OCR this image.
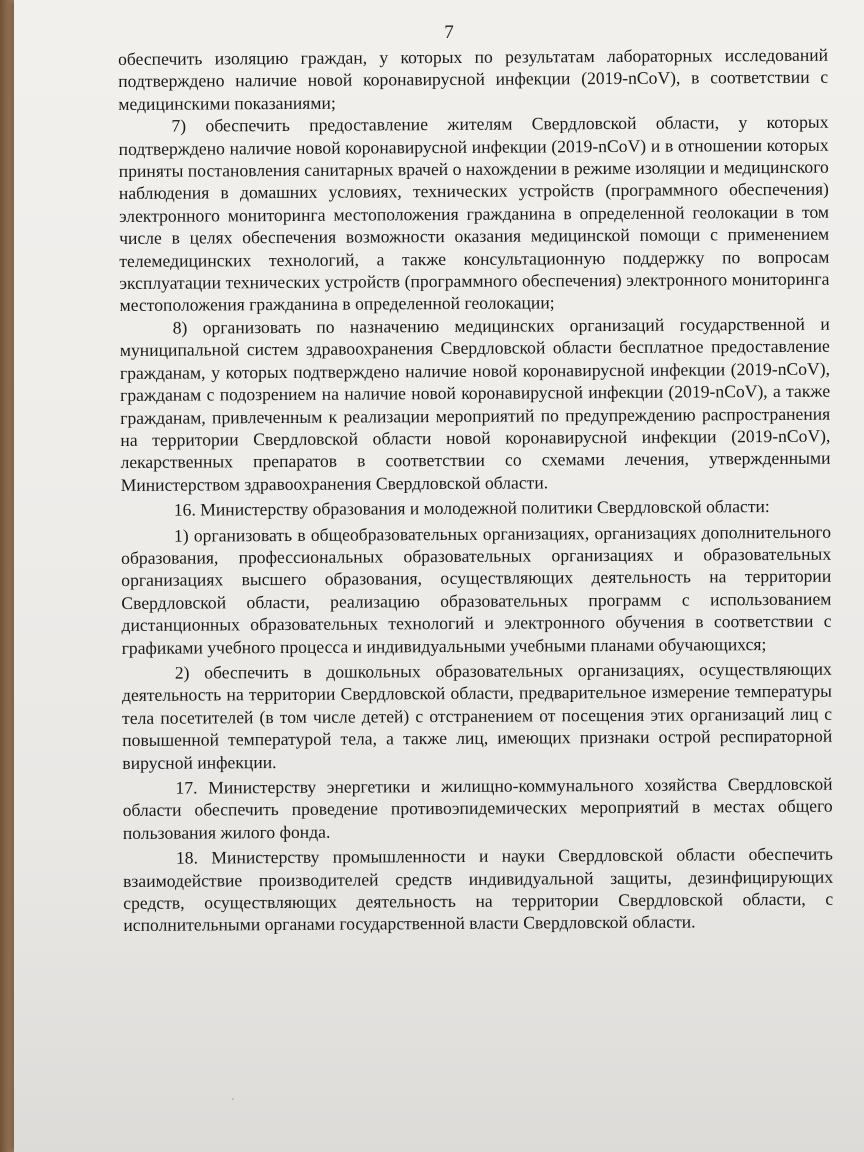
7

обеспечить изоляцию граждан, у которых по результатам лабораторных исследований подтверждено наличие новой коронавирусной инфекции (2019-nCoV), в соответствии с медицинскими показаниями;

7) обеспечить предоставление жителям Свердловской области, у которых подтверждено наличие новой коронавирусной инфекции (2019-nCoV) и в отношении которых приняты постановления санитарных врачей о нахождении в режиме изоляции и медицинского наблюдения в домашних условиях, технических устройств (программного обеспечения) электронного мониторинга местоположения гражданина в определенной геолокации в том числе в целях обеспечения возможности оказания медицинской помощи с применением телемедицинских технологий, а также консультационную поддержку по вопросам эксплуатации технических устройств (программного обеспечения) электронного мониторинга местоположения гражданина в определенной геолокации;

8) организовать по назначению медицинских организаций государственной и муниципальной систем здравоохранения Свердловской области бесплатное предоставление гражданам, у которых подтверждено наличие новой коронавирусной инфекции (2019-nCoV), гражданам с подозрением на наличие новой коронавирусной инфекции (2019-nCoV), а также гражданам, привлеченным к реализации мероприятий по предупреждению распространения на территории Свердловской области новой коронавирусной инфекции (2019-nCoV), лекарственных препаратов в соответствии со схемами лечения, утвержденными Министерством здравоохранения Свердловской области.

16. Министерству образования и молодежной политики Свердловской области:

1) организовать в общеобразовательных организациях, организациях дополнительного образования, профессиональных образовательных организациях и образовательных организациях высшего образования, осуществляющих деятельность на территории Свердловской области, реализацию образовательных программ с использованием дистанционных образовательных технологий и электронного обучения в соответствии с графиками учебного процесса и индивидуальными учебными планами обучающихся;

2) обеспечить в дошкольных образовательных организациях, осуществляющих деятельность на территории Свердловской области, предварительное измерение температуры тела посетителей (в том числе детей) с отстранением от посещения этих организаций лиц с повышенной температурой тела, а также лиц, имеющих признаки острой респираторной вирусной инфекции.

17. Министерству энергетики и жилищно-коммунального хозяйства Свердловской области обеспечить проведение противоэпидемических мероприятий в местах общего пользования жилого фонда.

18. Министерству промышленности и науки Свердловской области обеспечить взаимодействие производителей средств индивидуальной защиты, дезинфицирующих средств, осуществляющих деятельность на территории Свердловской области, с исполнительными органами государственной власти Свердловской области.
